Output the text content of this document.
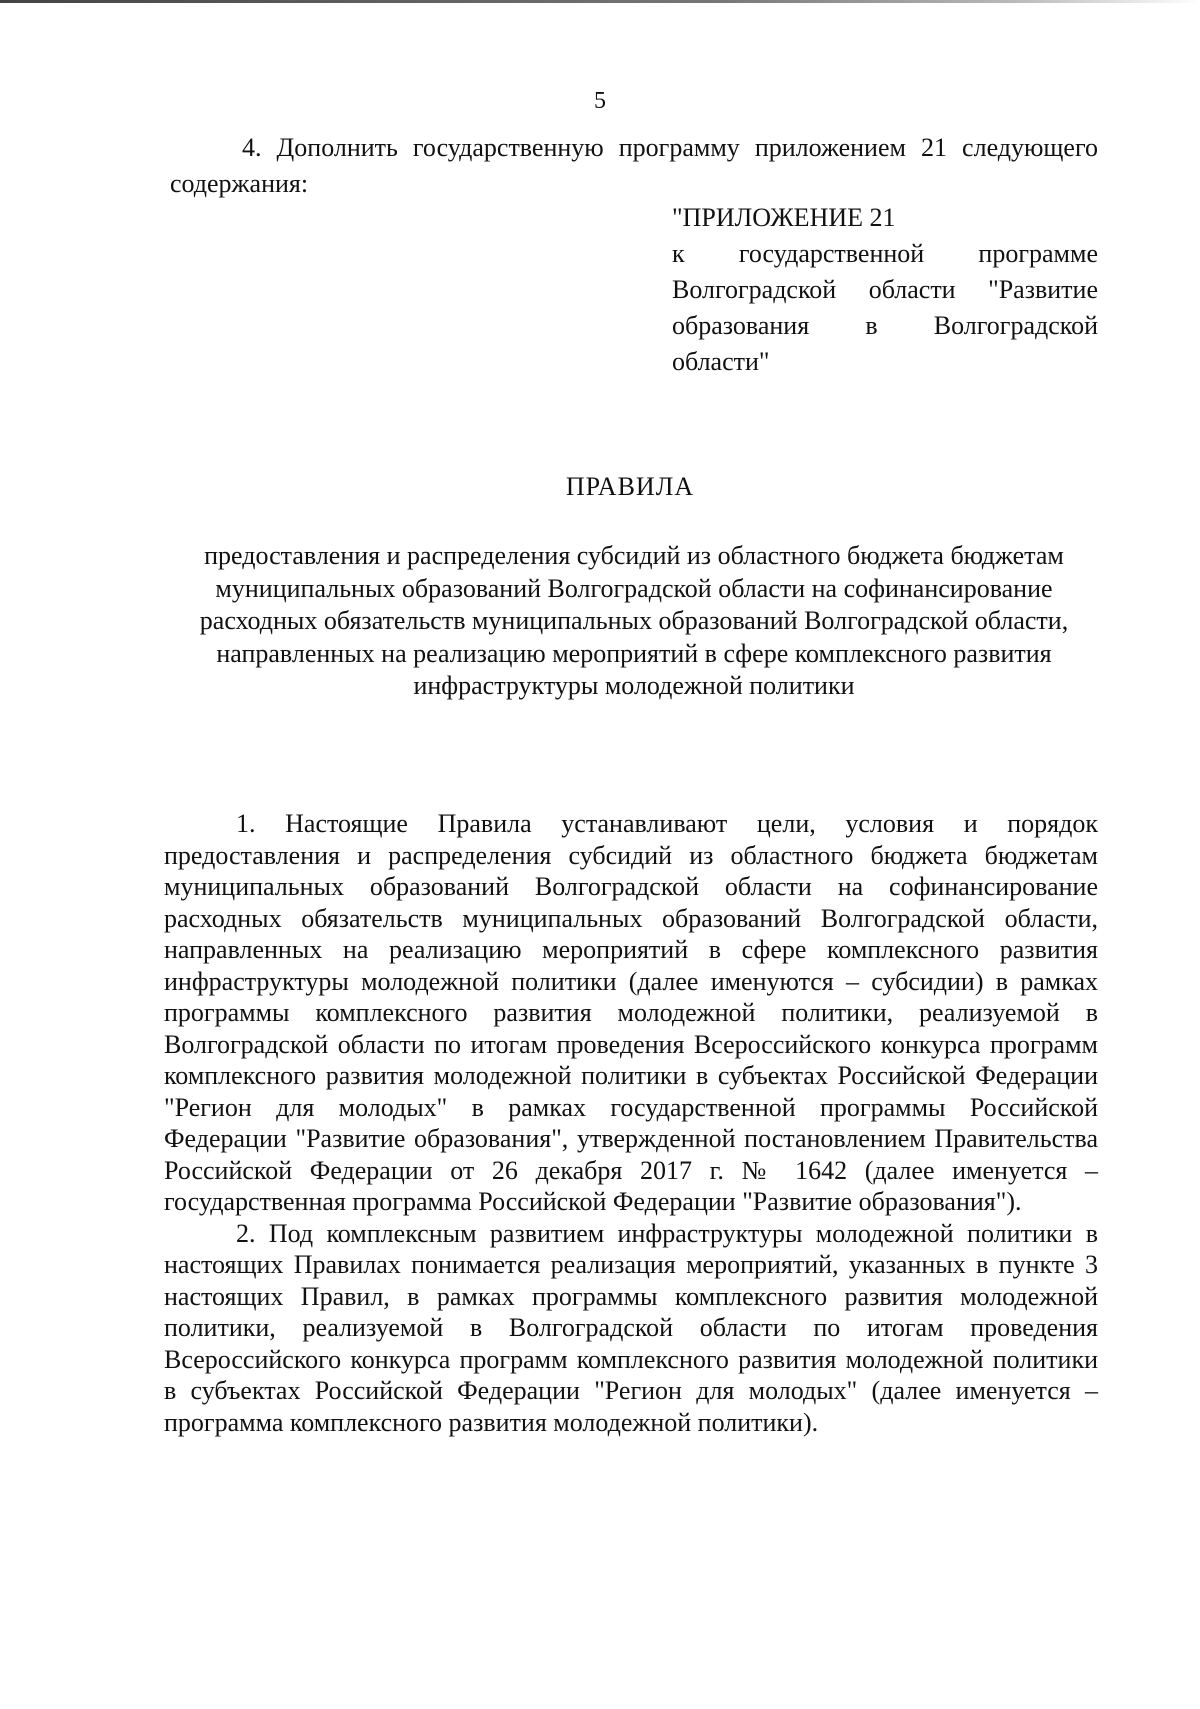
5

4. Дополнить государственную программу приложением 21 следующего содержания:

"ПРИЛОЖЕНИЕ 21

к государственной программе Волгоградской области "Развитие образования в Волгоградской области"

ПРАВИЛА

предоставления и распределения субсидий из областного бюджета бюджетам муниципальных образований Волгоградской области на софинансирование расходных обязательств муниципальных образований Волгоградской области, направленных на реализацию мероприятий в сфере комплексного развития инфраструктуры молодежной политики

1. Настоящие Правила устанавливают цели, условия и порядок предоставления и распределения субсидий из областного бюджета бюджетам муниципальных образований Волгоградской области на софинансирование расходных обязательств муниципальных образований Волгоградской области, направленных на реализацию мероприятий в сфере комплексного развития инфраструктуры молодежной политики (далее именуются – субсидии) в рамках программы комплексного развития молодежной политики, реализуемой в Волгоградской области по итогам проведения Всероссийского конкурса программ комплексного развития молодежной политики в субъектах Российской Федерации "Регион для молодых" в рамках государственной программы Российской Федерации "Развитие образования", утвержденной постановлением Правительства Российской Федерации от 26 декабря 2017 г. № 1642 (далее именуется – государственная программа Российской Федерации "Развитие образования").

2. Под комплексным развитием инфраструктуры молодежной политики в настоящих Правилах понимается реализация мероприятий, указанных в пункте 3 настоящих Правил, в рамках программы комплексного развития молодежной политики, реализуемой в Волгоградской области по итогам проведения Всероссийского конкурса программ комплексного развития молодежной политики в субъектах Российской Федерации "Регион для молодых" (далее именуется – программа комплексного развития молодежной политики).
